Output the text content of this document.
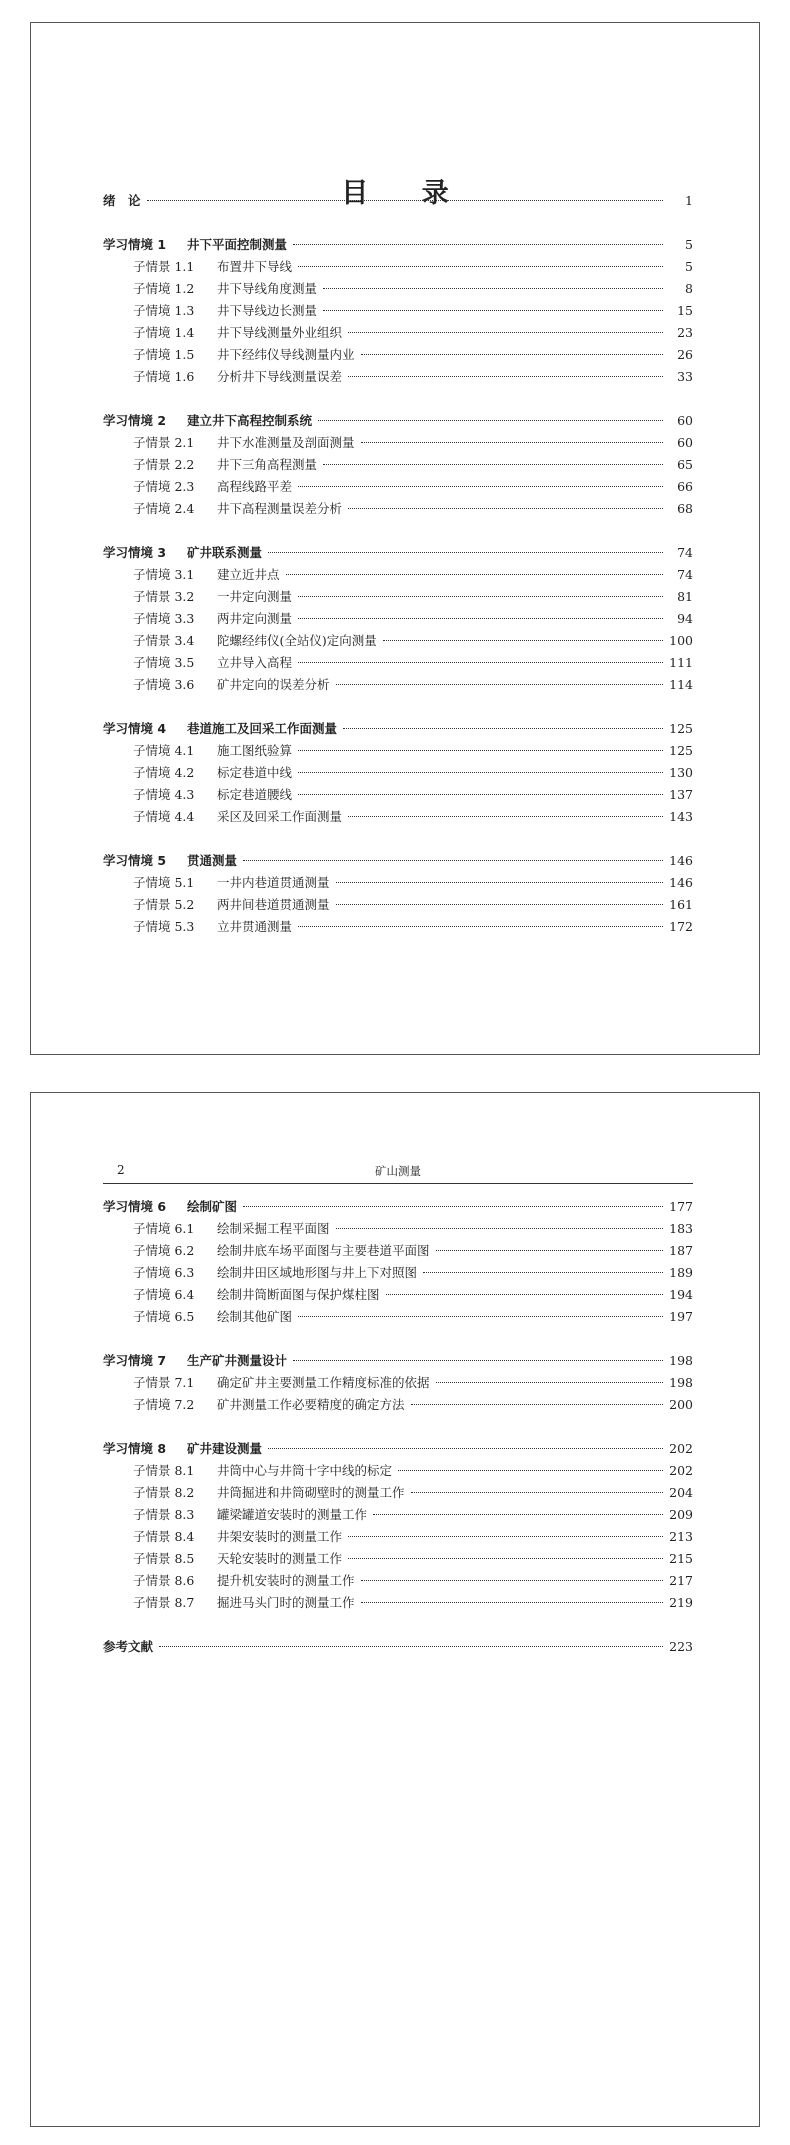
目 录
绪　论	1
学习情境 1	井下平面控制测量	5
子情景 1.1	布置井下导线	5
子情境 1.2	井下导线角度测量	8
子情境 1.3	井下导线边长测量	15
子情境 1.4	井下导线测量外业组织	23
子情境 1.5	井下经纬仪导线测量内业	26
子情境 1.6	分析井下导线测量误差	33
学习情境 2	建立井下高程控制系统	60
子情景 2.1	井下水准测量及剖面测量	60
子情景 2.2	井下三角高程测量	65
子情境 2.3	高程线路平差	66
子情境 2.4	井下高程测量误差分析	68
学习情境 3	矿井联系测量	74
子情境 3.1	建立近井点	74
子情景 3.2	一井定向测量	81
子情境 3.3	两井定向测量	94
子情景 3.4	陀螺经纬仪(全站仪)定向测量	100
子情境 3.5	立井导入高程	111
子情境 3.6	矿井定向的误差分析	114
学习情境 4	巷道施工及回采工作面测量	125
子情境 4.1	施工图纸验算	125
子情境 4.2	标定巷道中线	130
子情境 4.3	标定巷道腰线	137
子情境 4.4	采区及回采工作面测量	143
学习情境 5	贯通测量	146
子情境 5.1	一井内巷道贯通测量	146
子情景 5.2	两井间巷道贯通测量	161
子情境 5.3	立井贯通测量	172
2	矿山测量
学习情境 6	绘制矿图	177
子情境 6.1	绘制采掘工程平面图	183
子情境 6.2	绘制井底车场平面图与主要巷道平面图	187
子情境 6.3	绘制井田区域地形图与井上下对照图	189
子情境 6.4	绘制井筒断面图与保护煤柱图	194
子情境 6.5	绘制其他矿图	197
学习情境 7	生产矿井测量设计	198
子情景 7.1	确定矿井主要测量工作精度标准的依据	198
子情境 7.2	矿井测量工作必要精度的确定方法	200
学习情境 8	矿井建设测量	202
子情景 8.1	井筒中心与井筒十字中线的标定	202
子情景 8.2	井筒掘进和井筒砌壁时的测量工作	204
子情景 8.3	罐梁罐道安装时的测量工作	209
子情景 8.4	井架安装时的测量工作	213
子情景 8.5	天轮安装时的测量工作	215
子情景 8.6	提升机安装时的测量工作	217
子情景 8.7	掘进马头门时的测量工作	219
参考文献	223
